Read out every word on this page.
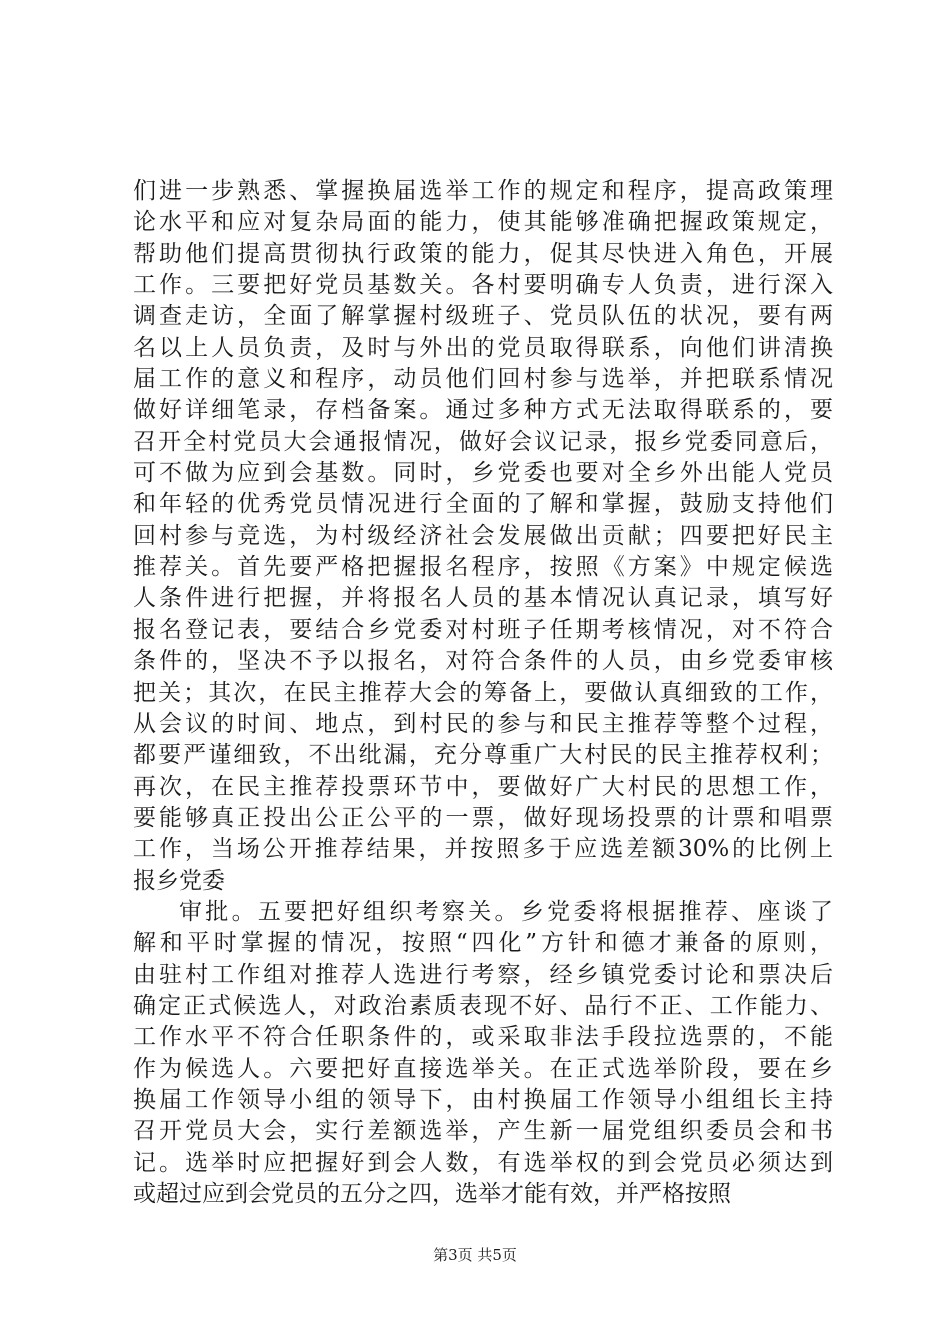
们进一步熟悉、掌握换届选举工作的规定和程序，提高政策理
论水平和应对复杂局面的能力，使其能够准确把握政策规定，
帮助他们提高贯彻执行政策的能力，促其尽快进入角色，开展
工作。三要把好党员基数关。各村要明确专人负责，进行深入
调查走访，全面了解掌握村级班子、党员队伍的状况，要有两
名以上人员负责，及时与外出的党员取得联系，向他们讲清换
届工作的意义和程序，动员他们回村参与选举，并把联系情况
做好详细笔录，存档备案。通过多种方式无法取得联系的，要
召开全村党员大会通报情况，做好会议记录，报乡党委同意后，
可不做为应到会基数。同时，乡党委也要对全乡外出能人党员
和年轻的优秀党员情况进行全面的了解和掌握，鼓励支持他们
回村参与竞选，为村级经济社会发展做出贡献；四要把好民主
推荐关。首先要严格把握报名程序，按照《方案》中规定候选
人条件进行把握，并将报名人员的基本情况认真记录，填写好
报名登记表，要结合乡党委对村班子任期考核情况，对不符合
条件的，坚决不予以报名，对符合条件的人员，由乡党委审核
把关；其次，在民主推荐大会的筹备上，要做认真细致的工作，
从会议的时间、地点，到村民的参与和民主推荐等整个过程，
都要严谨细致，不出纰漏，充分尊重广大村民的民主推荐权利；
再次，在民主推荐投票环节中，要做好广大村民的思想工作，
要能够真正投出公正公平的一票，做好现场投票的计票和唱票
工作，当场公开推荐结果，并按照多于应选差额30%的比例上
报乡党委
审批。五要把好组织考察关。乡党委将根据推荐、座谈了
解和平时掌握的情况，按照“四化”方针和德才兼备的原则，
由驻村工作组对推荐人选进行考察，经乡镇党委讨论和票决后
确定正式候选人，对政治素质表现不好、品行不正、工作能力、
工作水平不符合任职条件的，或采取非法手段拉选票的，不能
作为候选人。六要把好直接选举关。在正式选举阶段，要在乡
换届工作领导小组的领导下，由村换届工作领导小组组长主持
召开党员大会，实行差额选举，产生新一届党组织委员会和书
记。选举时应把握好到会人数，有选举权的到会党员必须达到
或超过应到会党员的五分之四，选举才能有效，并严格按照
第3页 共5页
